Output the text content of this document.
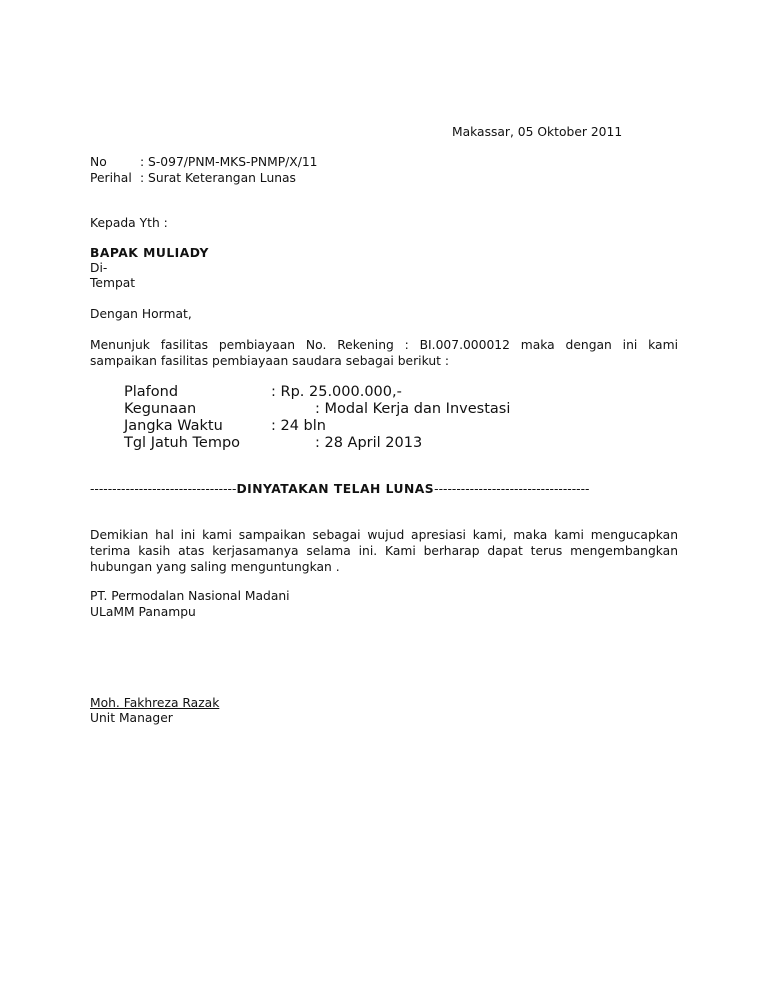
Makassar, 05 Oktober 2011
No	: S-097/PNM-MKS-PNMP/X/11
Perihal : Surat Keterangan Lunas
Kepada Yth :
BAPAK MULIADY
Di-
Tempat
Dengan Hormat,
Menunjuk fasilitas pembiayaan No. Rekening : BI.007.000012 maka dengan ini kami sampaikan fasilitas pembiayaan saudara sebagai berikut :
Plafond	: Rp. 25.000.000,-
Kegunaan	: Modal Kerja dan Investasi
Jangka Waktu	: 24 bln
Tgl Jatuh Tempo	: 28 April 2013
---------------------------------DINYATAKAN TELAH LUNAS-----------------------------------
Demikian hal ini kami sampaikan sebagai wujud apresiasi kami, maka kami mengucapkan terima kasih atas kerjasamanya selama ini. Kami berharap dapat terus mengembangkan hubungan yang saling menguntungkan .
PT. Permodalan Nasional Madani
ULaMM Panampu
Moh. Fakhreza Razak
Unit Manager
